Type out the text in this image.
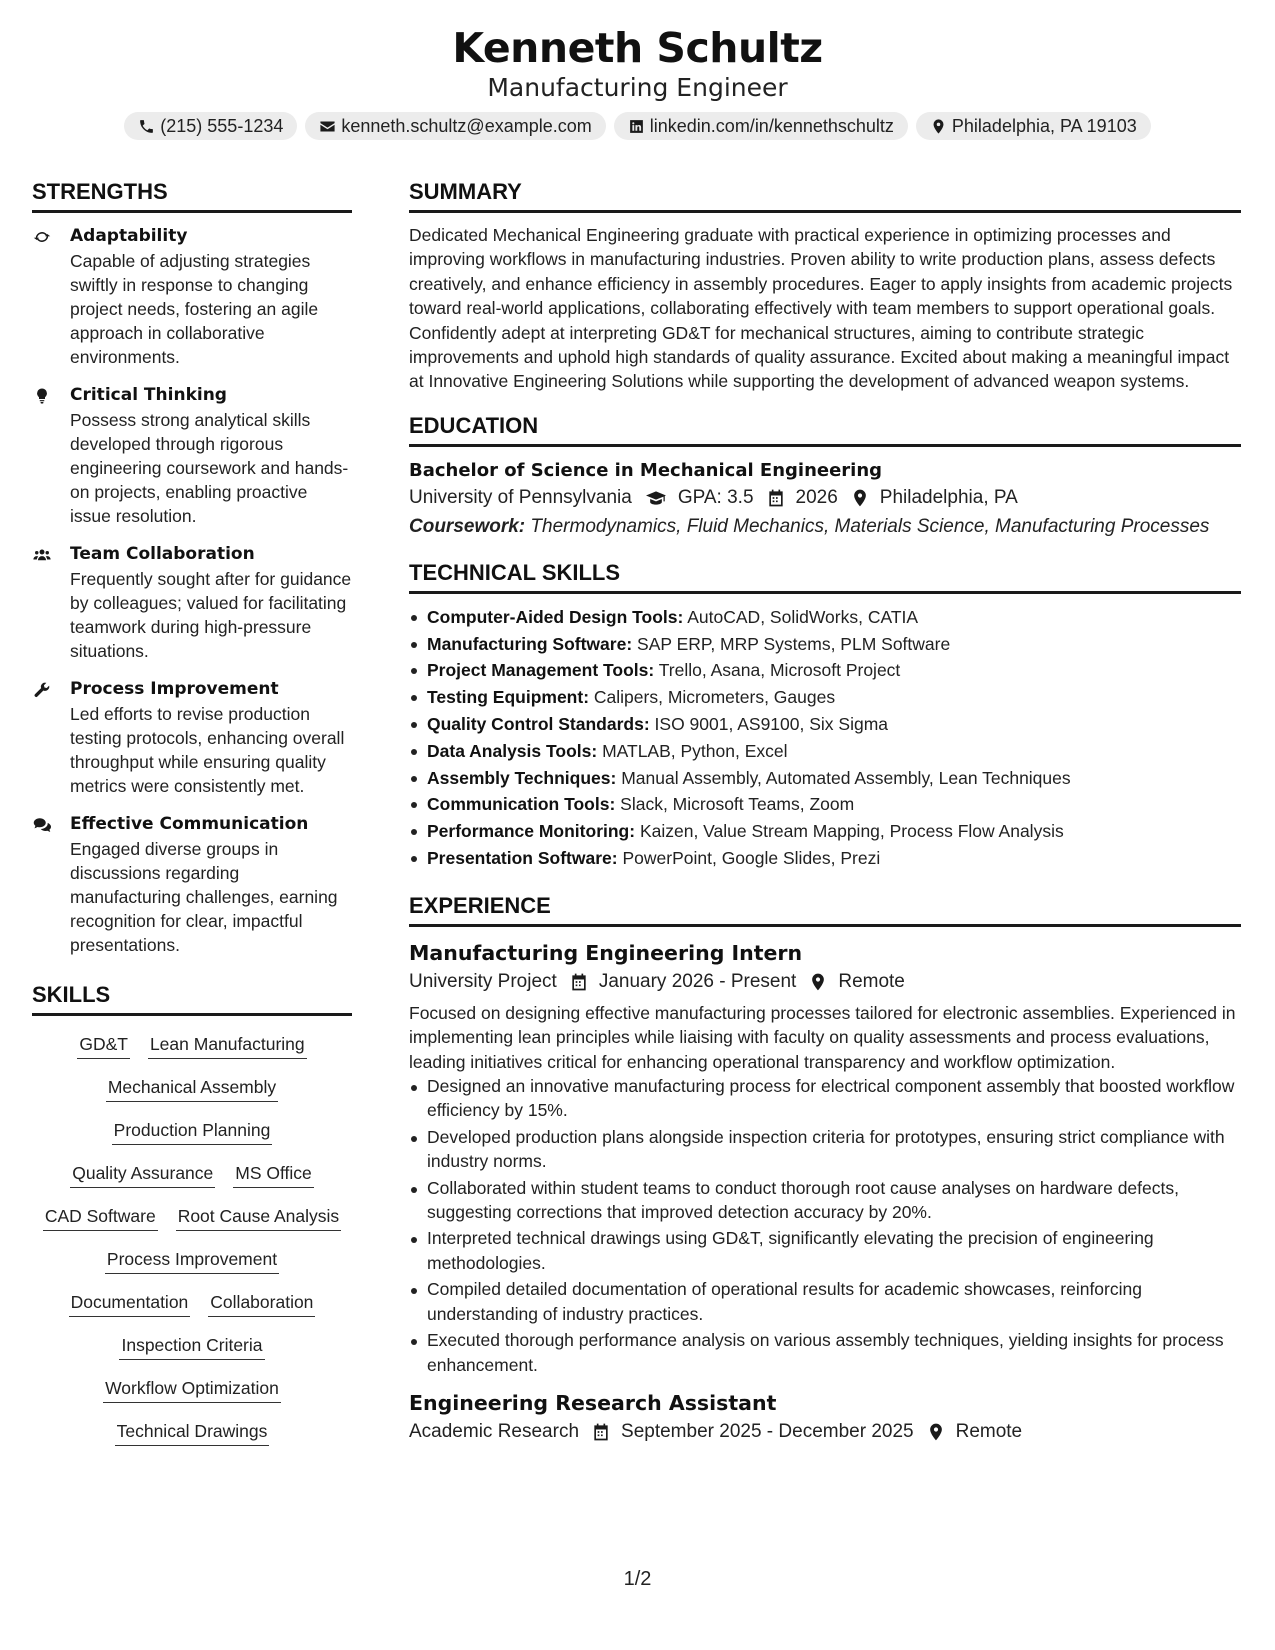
Kenneth Schultz
Manufacturing Engineer
(215) 555-1234	kenneth.schultz@example.com	linkedin.com/in/kennethschultz	Philadelphia, PA 19103
STRENGTHS
Adaptability
Capable of adjusting strategies swiftly in response to changing project needs, fostering an agile approach in collaborative environments.
Critical Thinking
Possess strong analytical skills developed through rigorous engineering coursework and hands-on projects, enabling proactive issue resolution.
Team Collaboration
Frequently sought after for guidance by colleagues; valued for facilitating teamwork during high-pressure situations.
Process Improvement
Led efforts to revise production testing protocols, enhancing overall throughput while ensuring quality metrics were consistently met.
Effective Communication
Engaged diverse groups in discussions regarding manufacturing challenges, earning recognition for clear, impactful presentations.
SKILLS
GD&T Lean Manufacturing
Mechanical Assembly
Production Planning
Quality Assurance MS Office
CAD Software Root Cause Analysis
Process Improvement
Documentation Collaboration
Inspection Criteria
Workflow Optimization
Technical Drawings
SUMMARY
Dedicated Mechanical Engineering graduate with practical experience in optimizing processes and improving workflows in manufacturing industries. Proven ability to write production plans, assess defects creatively, and enhance efficiency in assembly procedures. Eager to apply insights from academic projects toward real-world applications, collaborating effectively with team members to support operational goals. Confidently adept at interpreting GD&T for mechanical structures, aiming to contribute strategic improvements and uphold high standards of quality assurance. Excited about making a meaningful impact at Innovative Engineering Solutions while supporting the development of advanced weapon systems.
EDUCATION
Bachelor of Science in Mechanical Engineering
University of Pennsylvania GPA: 3.5 2026 Philadelphia, PA
Coursework: Thermodynamics, Fluid Mechanics, Materials Science, Manufacturing Processes
TECHNICAL SKILLS
Computer-Aided Design Tools: AutoCAD, SolidWorks, CATIA
Manufacturing Software: SAP ERP, MRP Systems, PLM Software
Project Management Tools: Trello, Asana, Microsoft Project
Testing Equipment: Calipers, Micrometers, Gauges
Quality Control Standards: ISO 9001, AS9100, Six Sigma
Data Analysis Tools: MATLAB, Python, Excel
Assembly Techniques: Manual Assembly, Automated Assembly, Lean Techniques
Communication Tools: Slack, Microsoft Teams, Zoom
Performance Monitoring: Kaizen, Value Stream Mapping, Process Flow Analysis
Presentation Software: PowerPoint, Google Slides, Prezi
EXPERIENCE
Manufacturing Engineering Intern
University Project January 2026 - Present Remote
Focused on designing effective manufacturing processes tailored for electronic assemblies. Experienced in implementing lean principles while liaising with faculty on quality assessments and process evaluations, leading initiatives critical for enhancing operational transparency and workflow optimization.
Designed an innovative manufacturing process for electrical component assembly that boosted workflow efficiency by 15%.
Developed production plans alongside inspection criteria for prototypes, ensuring strict compliance with industry norms.
Collaborated within student teams to conduct thorough root cause analyses on hardware defects, suggesting corrections that improved detection accuracy by 20%.
Interpreted technical drawings using GD&T, significantly elevating the precision of engineering methodologies.
Compiled detailed documentation of operational results for academic showcases, reinforcing understanding of industry practices.
Executed thorough performance analysis on various assembly techniques, yielding insights for process enhancement.
Engineering Research Assistant
Academic Research September 2025 - December 2025 Remote
1/2
